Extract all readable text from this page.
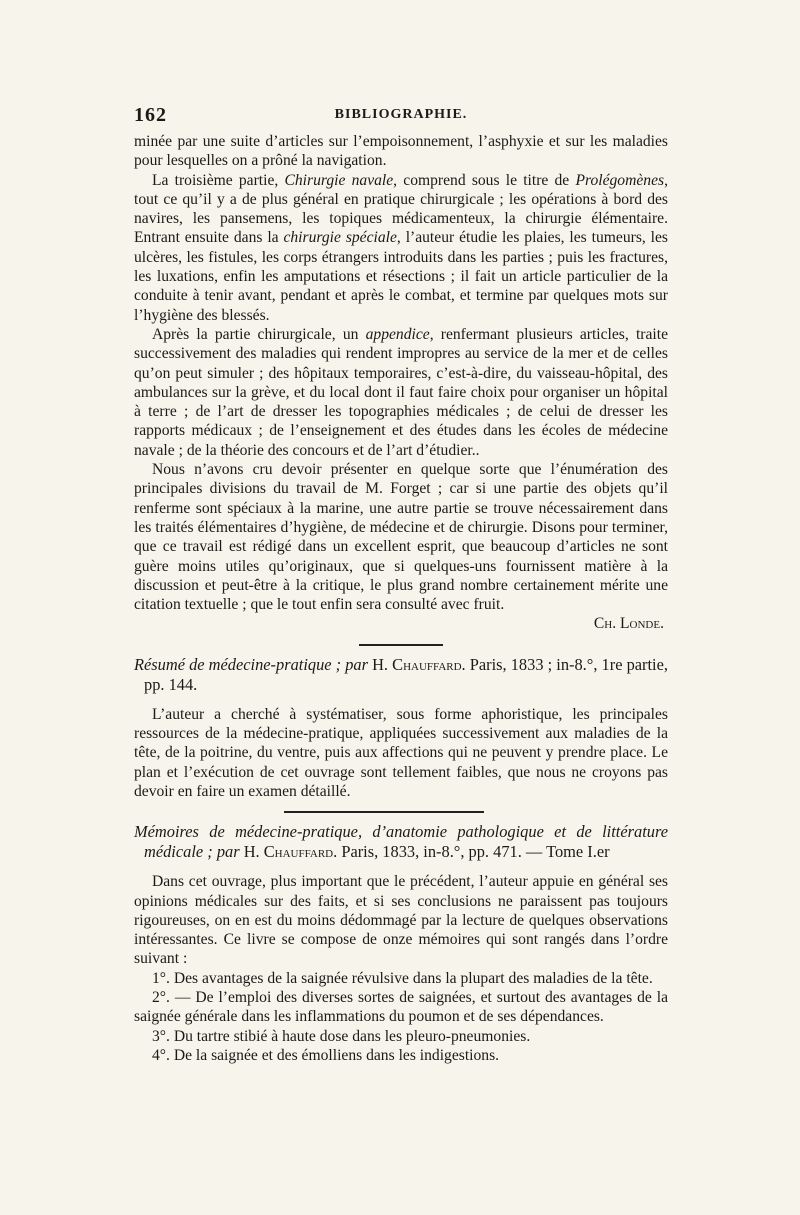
162	BIBLIOGRAPHIE.

minée par une suite d’articles sur l’empoisonnement, l’asphyxie et sur les maladies pour lesquelles on a prôné la navigation.

La troisième partie, Chirurgie navale, comprend sous le titre de Prolégomènes, tout ce qu’il y a de plus général en pratique chirurgicale ; les opérations à bord des navires, les pansemens, les topiques médicamenteux, la chirurgie élémentaire. Entrant ensuite dans la chirurgie spéciale, l’auteur étudie les plaies, les tumeurs, les ulcères, les fistules, les corps étrangers introduits dans les parties ; puis les fractures, les luxations, enfin les amputations et résections ; il fait un article particulier de la conduite à tenir avant, pendant et après le combat, et termine par quelques mots sur l’hygiène des blessés.

Après la partie chirurgicale, un appendice, renfermant plusieurs articles, traite successivement des maladies qui rendent impropres au service de la mer et de celles qu’on peut simuler ; des hôpitaux temporaires, c’est-à-dire, du vaisseau-hôpital, des ambulances sur la grève, et du local dont il faut faire choix pour organiser un hôpital à terre ; de l’art de dresser les topographies médicales ; de celui de dresser les rapports médicaux ; de l’enseignement et des études dans les écoles de médecine navale ; de la théorie des concours et de l’art d’étudier..

Nous n’avons cru devoir présenter en quelque sorte que l’énumération des principales divisions du travail de M. Forget ; car si une partie des objets qu’il renferme sont spéciaux à la marine, une autre partie se trouve nécessairement dans les traités élémentaires d’hygiène, de médecine et de chirurgie. Disons pour terminer, que ce travail est rédigé dans un excellent esprit, que beaucoup d’articles ne sont guère moins utiles qu’originaux, que si quelques-uns fournissent matière à la discussion et peut-être à la critique, le plus grand nombre certainement mérite une citation textuelle ; que le tout enfin sera consulté avec fruit.

Ch. Londe.

Résumé de médecine-pratique ; par H. Chauffard. Paris, 1833 ; in-8.°, 1re partie, pp. 144.

L’auteur a cherché à systématiser, sous forme aphoristique, les principales ressources de la médecine-pratique, appliquées successivement aux maladies de la tête, de la poitrine, du ventre, puis aux affections qui ne peuvent y prendre place. Le plan et l’exécution de cet ouvrage sont tellement faibles, que nous ne croyons pas devoir en faire un examen détaillé.

Mémoires de médecine-pratique, d’anatomie pathologique et de littérature médicale ; par H. Chauffard. Paris, 1833, in-8.°, pp. 471. — Tome I.er

Dans cet ouvrage, plus important que le précédent, l’auteur appuie en général ses opinions médicales sur des faits, et si ses conclusions ne paraissent pas toujours rigoureuses, on en est du moins dédommagé par la lecture de quelques observations intéressantes. Ce livre se compose de onze mémoires qui sont rangés dans l’ordre suivant :

1°. Des avantages de la saignée révulsive dans la plupart des maladies de la tête.

2°. — De l’emploi des diverses sortes de saignées, et surtout des avantages de la saignée générale dans les inflammations du poumon et de ses dépendances.

3°. Du tartre stibié à haute dose dans les pleuro-pneumonies.

4°. De la saignée et des émolliens dans les indigestions.
